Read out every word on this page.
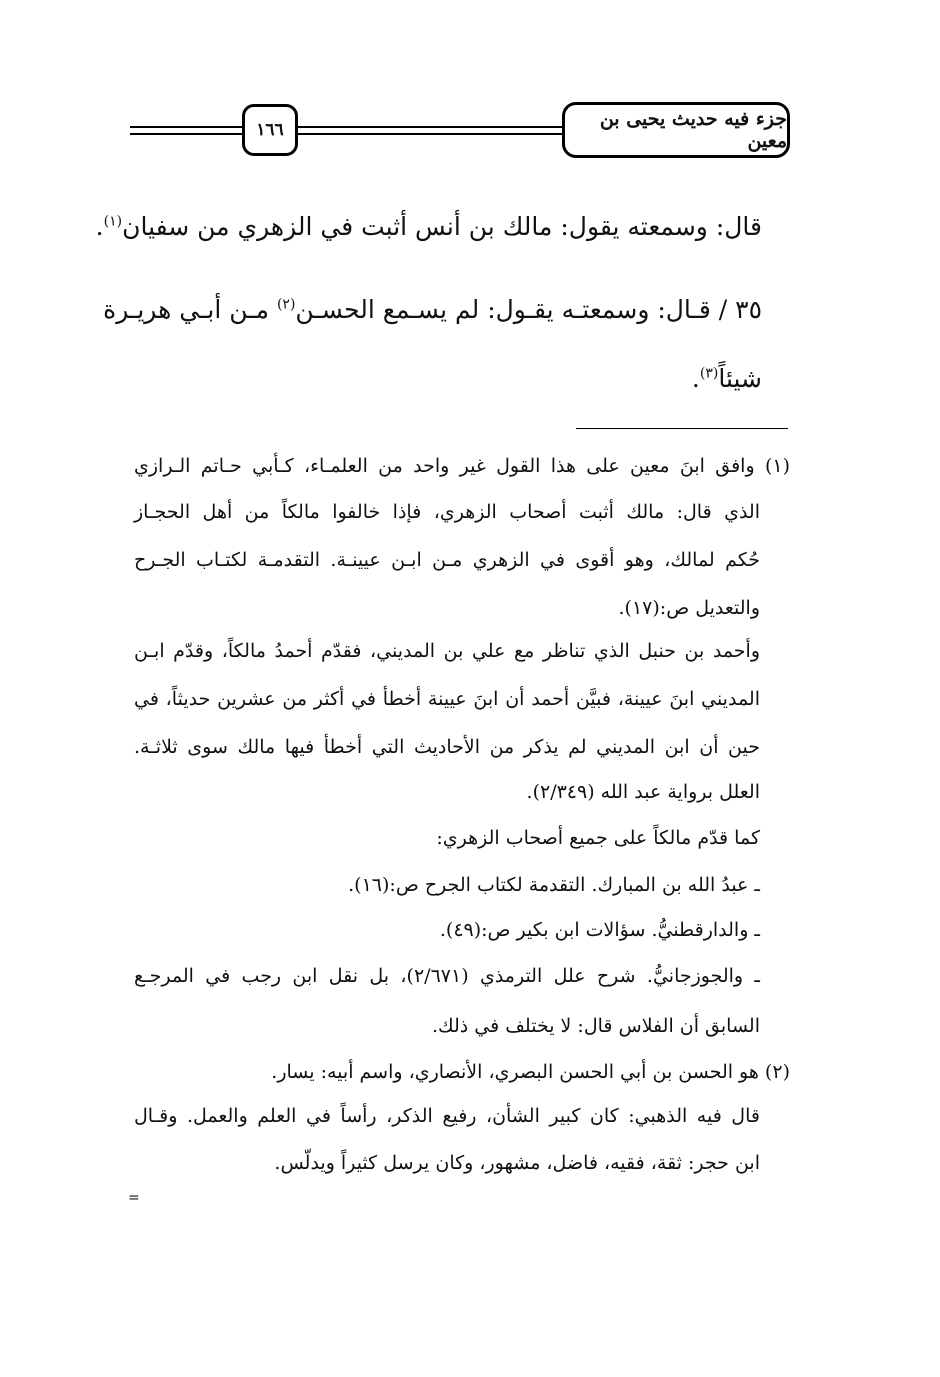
١٦٦	جزء فيه حديث يحيى بن معين
قال: وسمعته يقول: مالك بن أنس أثبت في الزهري من سفيان$^{(١)}$.
٣٥ / قـال: وسمعتـه يقـول: لم يسـمع الحسـن$^{(٢)}$ مـن أبـي هريـرة
شيئاً$^{(٣)}$.
(١) وافق ابنَ معين على هذا القول غير واحد من العلمـاء، كـأبي حـاتم الـرازي
الذي قال: مالك أثبت أصحاب الزهري، فإذا خالفوا مالكاً من أهل الحجـاز
حُكم لمالك، وهو أقوى في الزهري مـن ابـن عيينـة. التقدمـة لكتـاب الجـرح
والتعديل ص:(١٧).
وأحمد بن حنبل الذي تناظر مع علي بن المديني، فقدّم أحمدُ مالكاً، وقدّم ابـن
المديني ابنَ عيينة، فبيَّن أحمد أن ابنَ عيينة أخطأ في أكثر من عشرين حديثاً، في
حين أن ابن المديني لم يذكر من الأحاديث التي أخطأ فيها مالك سوى ثلاثـة.
العلل برواية عبد الله (٢/٣٤٩).
كما قدّم مالكاً على جميع أصحاب الزهري:
ـ عبدُ الله بن المبارك. التقدمة لكتاب الجرح ص:(١٦).
ـ والدارقطنيُّ. سؤالات ابن بكير ص:(٤٩).
ـ والجوزجانيُّ. شرح علل الترمذي (٢/٦٧١)، بل نقل ابن رجب في المرجـع
السابق أن الفلاس قال: لا يختلف في ذلك.
(٢) هو الحسن بن أبي الحسن البصري، الأنصاري، واسم أبيه: يسار.
قال فيه الذهبي: كان كبير الشأن، رفيع الذكر، رأساً في العلم والعمل. وقـال
ابن حجر: ثقة، فقيه، فاضل، مشهور، وكان يرسل كثيراً ويدلّس.
=
